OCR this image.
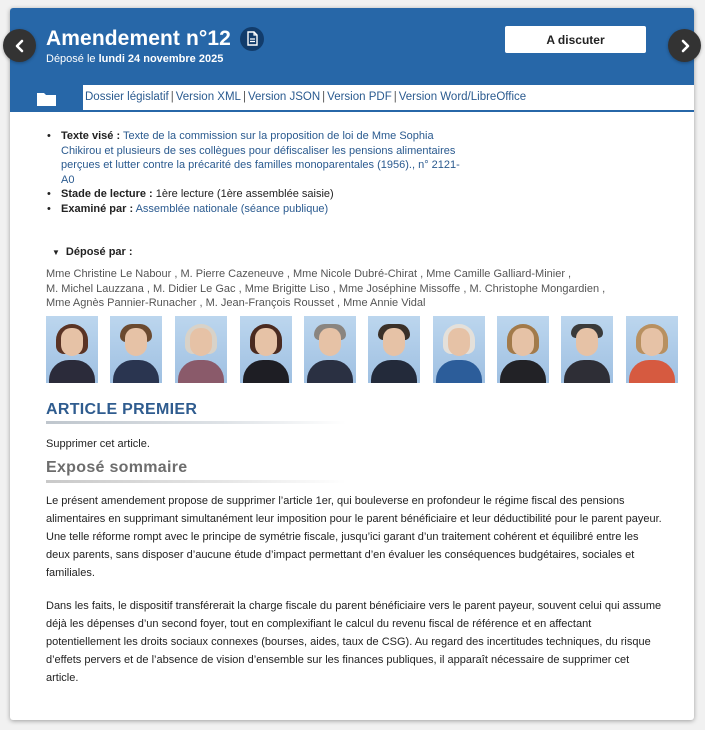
Amendement n°12
Déposé le lundi 24 novembre 2025
A discuter
Dossier législatif | Version XML | Version JSON | Version PDF | Version Word/LibreOffice
• Texte visé : Texte de la commission sur la proposition de loi de Mme Sophia Chikirou et plusieurs de ses collègues pour défiscaliser les pensions alimentaires perçues et lutter contre la précarité des familles monoparentales (1956)., n° 2121-A0
• Stade de lecture : 1ère lecture (1ère assemblée saisie)
• Examiné par : Assemblée nationale (séance publique)
▼ Déposé par :
Mme Christine Le Nabour , M. Pierre Cazeneuve , Mme Nicole Dubré-Chirat , Mme Camille Galliard-Minier ,
M. Michel Lauzzana , M. Didier Le Gac , Mme Brigitte Liso , Mme Joséphine Missoffe , M. Christophe Mongardien ,
Mme Agnès Pannier-Runacher , M. Jean-François Rousset , Mme Annie Vidal
ARTICLE PREMIER
Supprimer cet article.
Exposé sommaire

Le présent amendement propose de supprimer l’article 1er, qui bouleverse en profondeur le régime fiscal des pensions alimentaires en supprimant simultanément leur imposition pour le parent bénéficiaire et leur déductibilité pour le parent payeur. Une telle réforme rompt avec le principe de symétrie fiscale, jusqu’ici garant d’un traitement cohérent et équilibré entre les deux parents, sans disposer d’aucune étude d’impact permettant d’en évaluer les conséquences budgétaires, sociales et familiales.

Dans les faits, le dispositif transférerait la charge fiscale du parent bénéficiaire vers le parent payeur, souvent celui qui assume déjà les dépenses d’un second foyer, tout en complexifiant le calcul du revenu fiscal de référence et en affectant potentiellement les droits sociaux connexes (bourses, aides, taux de CSG). Au regard des incertitudes techniques, du risque d’effets pervers et de l’absence de vision d’ensemble sur les finances publiques, il apparaît nécessaire de supprimer cet article.
